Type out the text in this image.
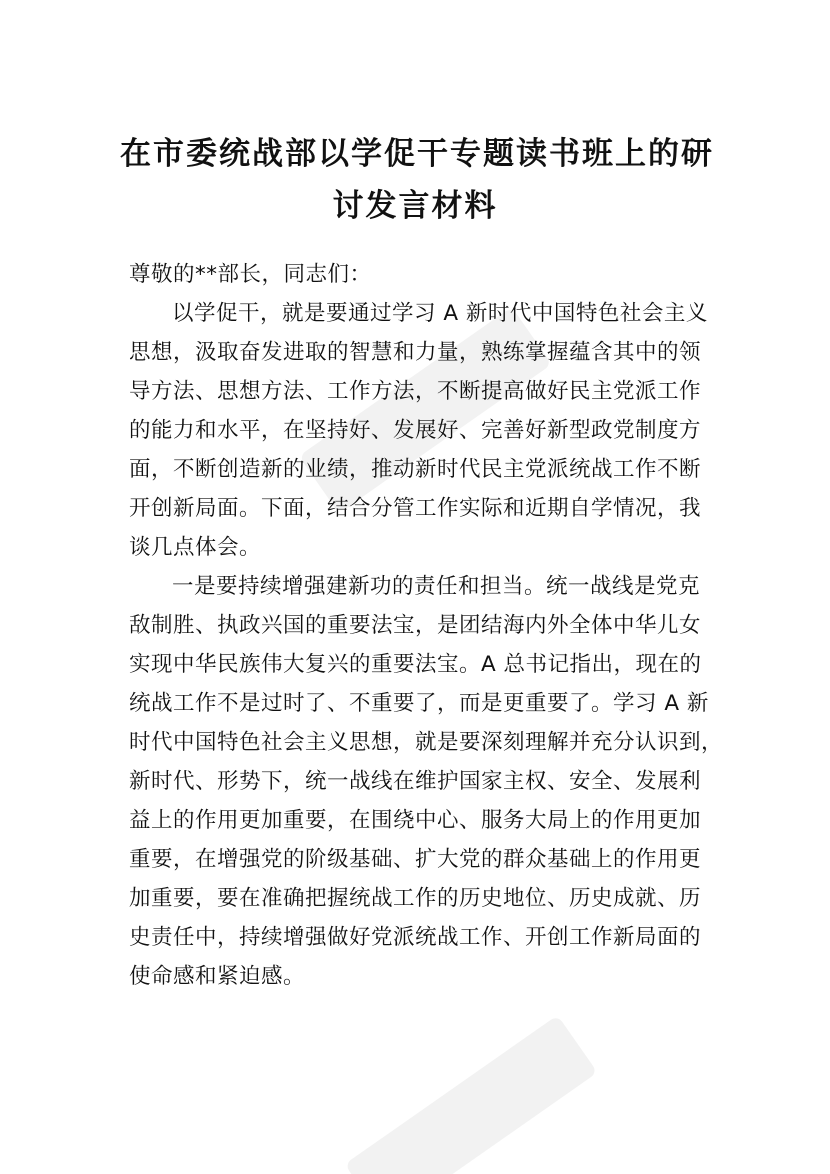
在市委统战部以学促干专题读书班上的研
讨发言材料
尊敬的**部长，同志们：
以学促干，就是要通过学习 A 新时代中国特色社会主义
思想，汲取奋发进取的智慧和力量，熟练掌握蕴含其中的领
导方法、思想方法、工作方法，不断提高做好民主党派工作
的能力和水平，在坚持好、发展好、完善好新型政党制度方
面，不断创造新的业绩，推动新时代民主党派统战工作不断
开创新局面。下面，结合分管工作实际和近期自学情况，我
谈几点体会。
一是要持续增强建新功的责任和担当。统一战线是党克
敌制胜、执政兴国的重要法宝，是团结海内外全体中华儿女
实现中华民族伟大复兴的重要法宝。A 总书记指出，现在的
统战工作不是过时了、不重要了，而是更重要了。学习 A 新
时代中国特色社会主义思想，就是要深刻理解并充分认识到，
新时代、形势下，统一战线在维护国家主权、安全、发展利
益上的作用更加重要，在围绕中心、服务大局上的作用更加
重要，在增强党的阶级基础、扩大党的群众基础上的作用更
加重要，要在准确把握统战工作的历史地位、历史成就、历
史责任中，持续增强做好党派统战工作、开创工作新局面的
使命感和紧迫感。
